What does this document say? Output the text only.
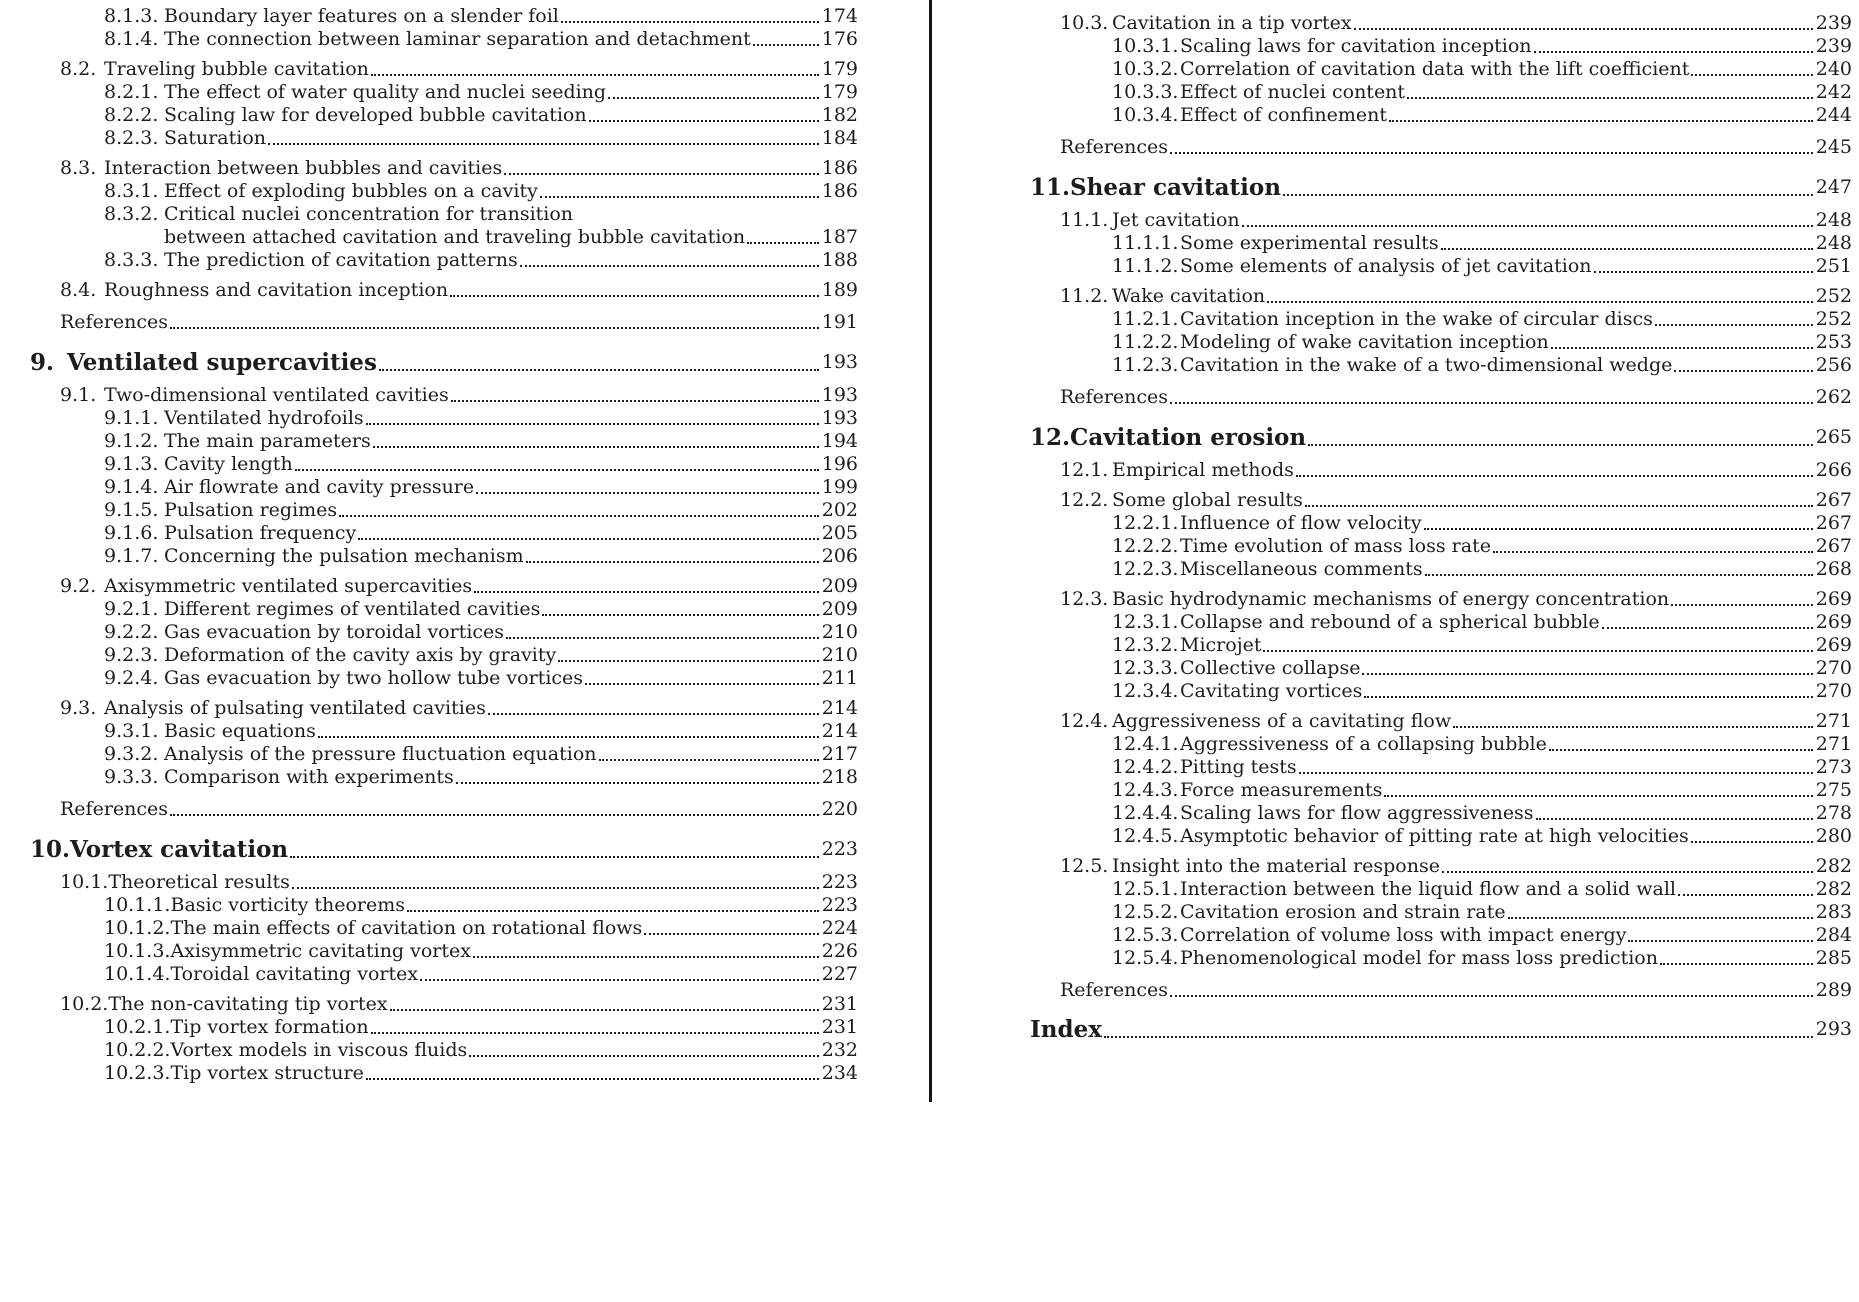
8.1.3. Boundary layer features on a slender foil	174
8.1.4. The connection between laminar separation and detachment	176
8.2. Traveling bubble cavitation	179
8.2.1. The effect of water quality and nuclei seeding	179
8.2.2. Scaling law for developed bubble cavitation	182
8.2.3. Saturation	184
8.3. Interaction between bubbles and cavities	186
8.3.1. Effect of exploding bubbles on a cavity	186
8.3.2. Critical nuclei concentration for transition
between attached cavitation and traveling bubble cavitation	187
8.3.3. The prediction of cavitation patterns	188
8.4. Roughness and cavitation inception	189
References	191
9. Ventilated supercavities	193
9.1. Two-dimensional ventilated cavities	193
9.1.1. Ventilated hydrofoils	193
9.1.2. The main parameters	194
9.1.3. Cavity length	196
9.1.4. Air flowrate and cavity pressure	199
9.1.5. Pulsation regimes	202
9.1.6. Pulsation frequency	205
9.1.7. Concerning the pulsation mechanism	206
9.2. Axisymmetric ventilated supercavities	209
9.2.1. Different regimes of ventilated cavities	209
9.2.2. Gas evacuation by toroidal vortices	210
9.2.3. Deformation of the cavity axis by gravity	210
9.2.4. Gas evacuation by two hollow tube vortices	211
9.3. Analysis of pulsating ventilated cavities	214
9.3.1. Basic equations	214
9.3.2. Analysis of the pressure fluctuation equation	217
9.3.3. Comparison with experiments	218
References	220
10. Vortex cavitation	223
10.1. Theoretical results	223
10.1.1. Basic vorticity theorems	223
10.1.2. The main effects of cavitation on rotational flows	224
10.1.3. Axisymmetric cavitating vortex	226
10.1.4. Toroidal cavitating vortex	227
10.2. The non-cavitating tip vortex	231
10.2.1. Tip vortex formation	231
10.2.2. Vortex models in viscous fluids	232
10.2.3. Tip vortex structure	234
10.3. Cavitation in a tip vortex	239
10.3.1. Scaling laws for cavitation inception	239
10.3.2. Correlation of cavitation data with the lift coefficient	240
10.3.3. Effect of nuclei content	242
10.3.4. Effect of confinement	244
References	245
11. Shear cavitation	247
11.1. Jet cavitation	248
11.1.1. Some experimental results	248
11.1.2. Some elements of analysis of jet cavitation	251
11.2. Wake cavitation	252
11.2.1. Cavitation inception in the wake of circular discs	252
11.2.2. Modeling of wake cavitation inception	253
11.2.3. Cavitation in the wake of a two-dimensional wedge	256
References	262
12. Cavitation erosion	265
12.1. Empirical methods	266
12.2. Some global results	267
12.2.1. Influence of flow velocity	267
12.2.2. Time evolution of mass loss rate	267
12.2.3. Miscellaneous comments	268
12.3. Basic hydrodynamic mechanisms of energy concentration	269
12.3.1. Collapse and rebound of a spherical bubble	269
12.3.2. Microjet	269
12.3.3. Collective collapse	270
12.3.4. Cavitating vortices	270
12.4. Aggressiveness of a cavitating flow	271
12.4.1. Aggressiveness of a collapsing bubble	271
12.4.2. Pitting tests	273
12.4.3. Force measurements	275
12.4.4. Scaling laws for flow aggressiveness	278
12.4.5. Asymptotic behavior of pitting rate at high velocities	280
12.5. Insight into the material response	282
12.5.1. Interaction between the liquid flow and a solid wall	282
12.5.2. Cavitation erosion and strain rate	283
12.5.3. Correlation of volume loss with impact energy	284
12.5.4. Phenomenological model for mass loss prediction	285
References	289
Index	293
